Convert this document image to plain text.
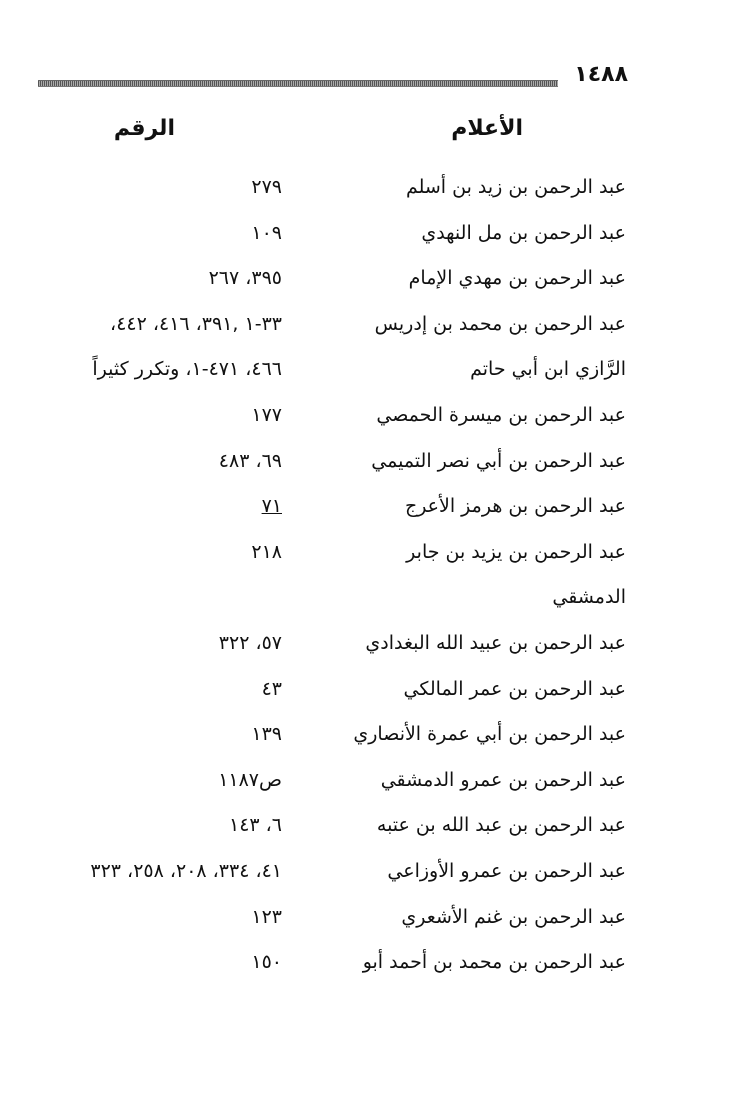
١٤٨٨
الأعلام
الرقم
عبد الرحمن بن زيد بن أسلم
٢٧٩
عبد الرحمن بن مل النهدي
١٠٩
عبد الرحمن بن مهدي الإمام
٣٩٥، ٢٦٧
عبد الرحمن بن محمد بن إدريس
٣٣-١ ,٣٩١، ٤١٦، ٤٤٢،
الرَّازي ابن أبي حاتم
٤٦٦، ٤٧١-١، وتكرر كثيراً
عبد الرحمن بن ميسرة الحمصي
١٧٧
عبد الرحمن بن أبي نصر التميمي
٦٩، ٤٨٣
عبد الرحمن بن هرمز الأعرج
٧١
عبد الرحمن بن يزيد بن جابر
٢١٨
الدمشقي
عبد الرحمن بن عبيد الله البغدادي
٥٧، ٣٢٢
عبد الرحمن بن عمر المالكي
٤٣
عبد الرحمن بن أبي عمرة الأنصاري
١٣٩
عبد الرحمن بن عمرو الدمشقي
ص١١٨٧
عبد الرحمن بن عبد الله بن عتبه
٦، ١٤٣
عبد الرحمن بن عمرو الأوزاعي
٤١، ٣٣٤، ٢٠٨، ٢٥٨، ٣٢٣
عبد الرحمن بن غنم الأشعري
١٢٣
عبد الرحمن بن محمد بن أحمد أبو
١٥٠
